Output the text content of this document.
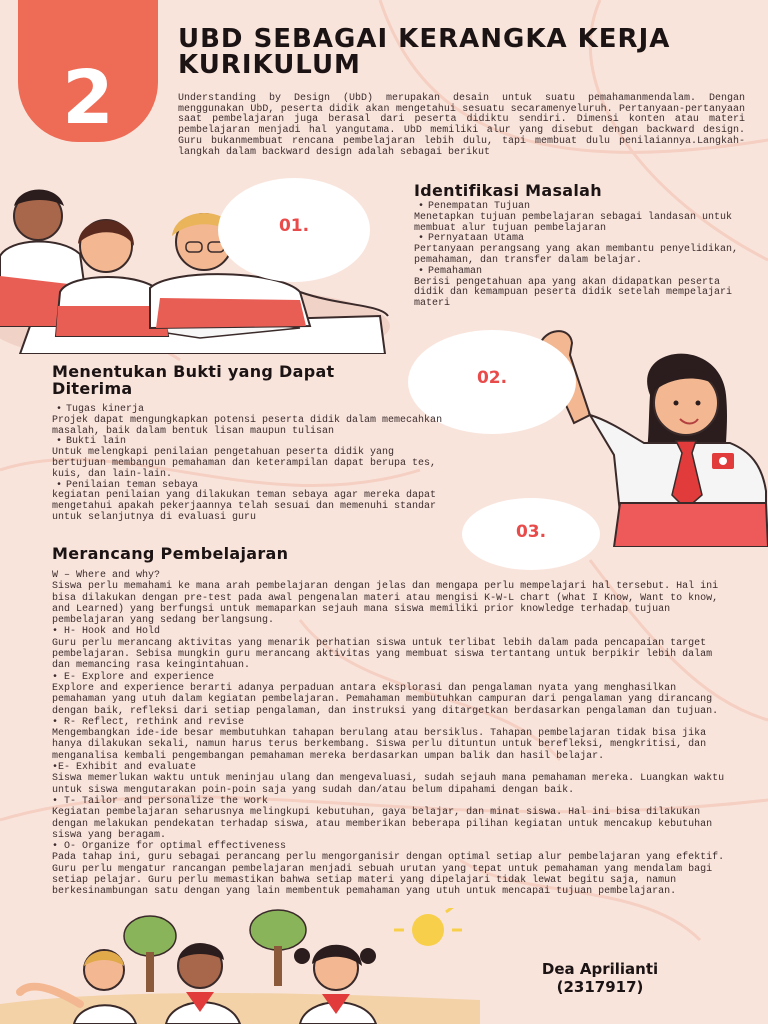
2
UBD SEBAGAI KERANGKA KERJA KURIKULUM
Understanding by Design (UbD) merupakan desain untuk suatu pemahamanmendalam. Dengan menggunakan UbD, peserta didik akan mengetahui sesuatu secaramenyeluruh. Pertanyaan-pertanyaan saat pembelajaran juga berasal dari peserta didiktu sendiri. Dimensi konten atau materi pembelajaran menjadi hal yangutama. UbD memiliki alur yang disebut dengan backward design. Guru bukanmembuat rencana pembelajaran lebih dulu, tapi membuat dulu penilaiannya.Langkah-langkah dalam backward design adalah sebagai berikut
01.
02.
03.
Identifikasi Masalah
• Penempatan Tujuan
Menetapkan tujuan pembelajaran sebagai landasan untuk membuat alur tujuan pembelajaran
• Pernyataan Utama
Pertanyaan perangsang yang akan membantu penyelidikan, pemahaman, dan transfer dalam belajar.
• Pemahaman
Berisi pengetahuan apa yang akan didapatkan peserta didik dan kemampuan peserta didik setelah mempelajari materi
Menentukan Bukti yang Dapat Diterima
• Tugas kinerja
Projek dapat mengungkapkan potensi peserta didik dalam memecahkan masalah, baik dalam bentuk lisan maupun tulisan
• Bukti lain
Untuk melengkapi penilaian pengetahuan peserta didik yang bertujuan membangun pemahaman dan keterampilan dapat berupa tes, kuis, dan lain-lain.
• Penilaian teman sebaya
kegiatan penilaian yang dilakukan teman sebaya agar mereka dapat mengetahui apakah pekerjaannya telah sesuai dan memenuhi standar untuk selanjutnya di evaluasi guru
Merancang Pembelajaran
W – Where and why?
Siswa perlu memahami ke mana arah pembelajaran dengan jelas dan mengapa perlu mempelajari hal tersebut. Hal ini bisa dilakukan dengan pre-test pada awal pengenalan materi atau mengisi K-W-L chart (what I Know, Want to know, and Learned) yang berfungsi untuk memaparkan sejauh mana siswa memiliki prior knowledge terhadap tujuan pembelajaran yang sedang berlangsung.
• H- Hook and Hold
Guru perlu merancang aktivitas yang menarik perhatian siswa untuk terlibat lebih dalam pada pencapaian target pembelajaran. Sebisa mungkin guru merancang aktivitas yang membuat siswa tertantang untuk berpikir lebih dalam dan memancing rasa keingintahuan.
• E- Explore and experience
Explore and experience berarti adanya perpaduan antara eksplorasi dan pengalaman nyata yang menghasilkan pemahaman yang utuh dalam kegiatan pembelajaran. Pemahaman membutuhkan campuran dari pengalaman yang dirancang dengan baik, refleksi dari setiap pengalaman, dan instruksi yang ditargetkan berdasarkan pengalaman dan tujuan.
• R- Reflect, rethink and revise
Mengembangkan ide-ide besar membutuhkan tahapan berulang atau bersiklus. Tahapan pembelajaran tidak bisa jika hanya dilakukan sekali, namun harus terus berkembang. Siswa perlu dituntun untuk berefleksi, mengkritisi, dan menganalisa kembali pengembangan pemahaman mereka berdasarkan umpan balik dan hasil belajar.
•E- Exhibit and evaluate
Siswa memerlukan waktu untuk meninjau ulang dan mengevaluasi, sudah sejauh mana pemahaman mereka. Luangkan waktu untuk siswa mengutarakan poin-poin saja yang sudah dan/atau belum dipahami dengan baik.
• T- Tailor and personalize the work
Kegiatan pembelajaran seharusnya melingkupi kebutuhan, gaya belajar, dan minat siswa. Hal ini bisa dilakukan dengan melakukan pendekatan terhadap siswa, atau memberikan beberapa pilihan kegiatan untuk mencakup kebutuhan siswa yang beragam.
• O- Organize for optimal effectiveness
Pada tahap ini, guru sebagai perancang perlu mengorganisir dengan optimal setiap alur pembelajaran yang efektif. Guru perlu mengatur rancangan pembelajaran menjadi sebuah urutan yang tepat untuk pemahaman yang mendalam bagi setiap pelajar. Guru perlu memastikan bahwa setiap materi yang dipelajari tidak lewat begitu saja, namun berkesinambungan satu dengan yang lain membentuk pemahaman yang utuh untuk mencapai tujuan pembelajaran.
Dea Aprilianti
(2317917)
